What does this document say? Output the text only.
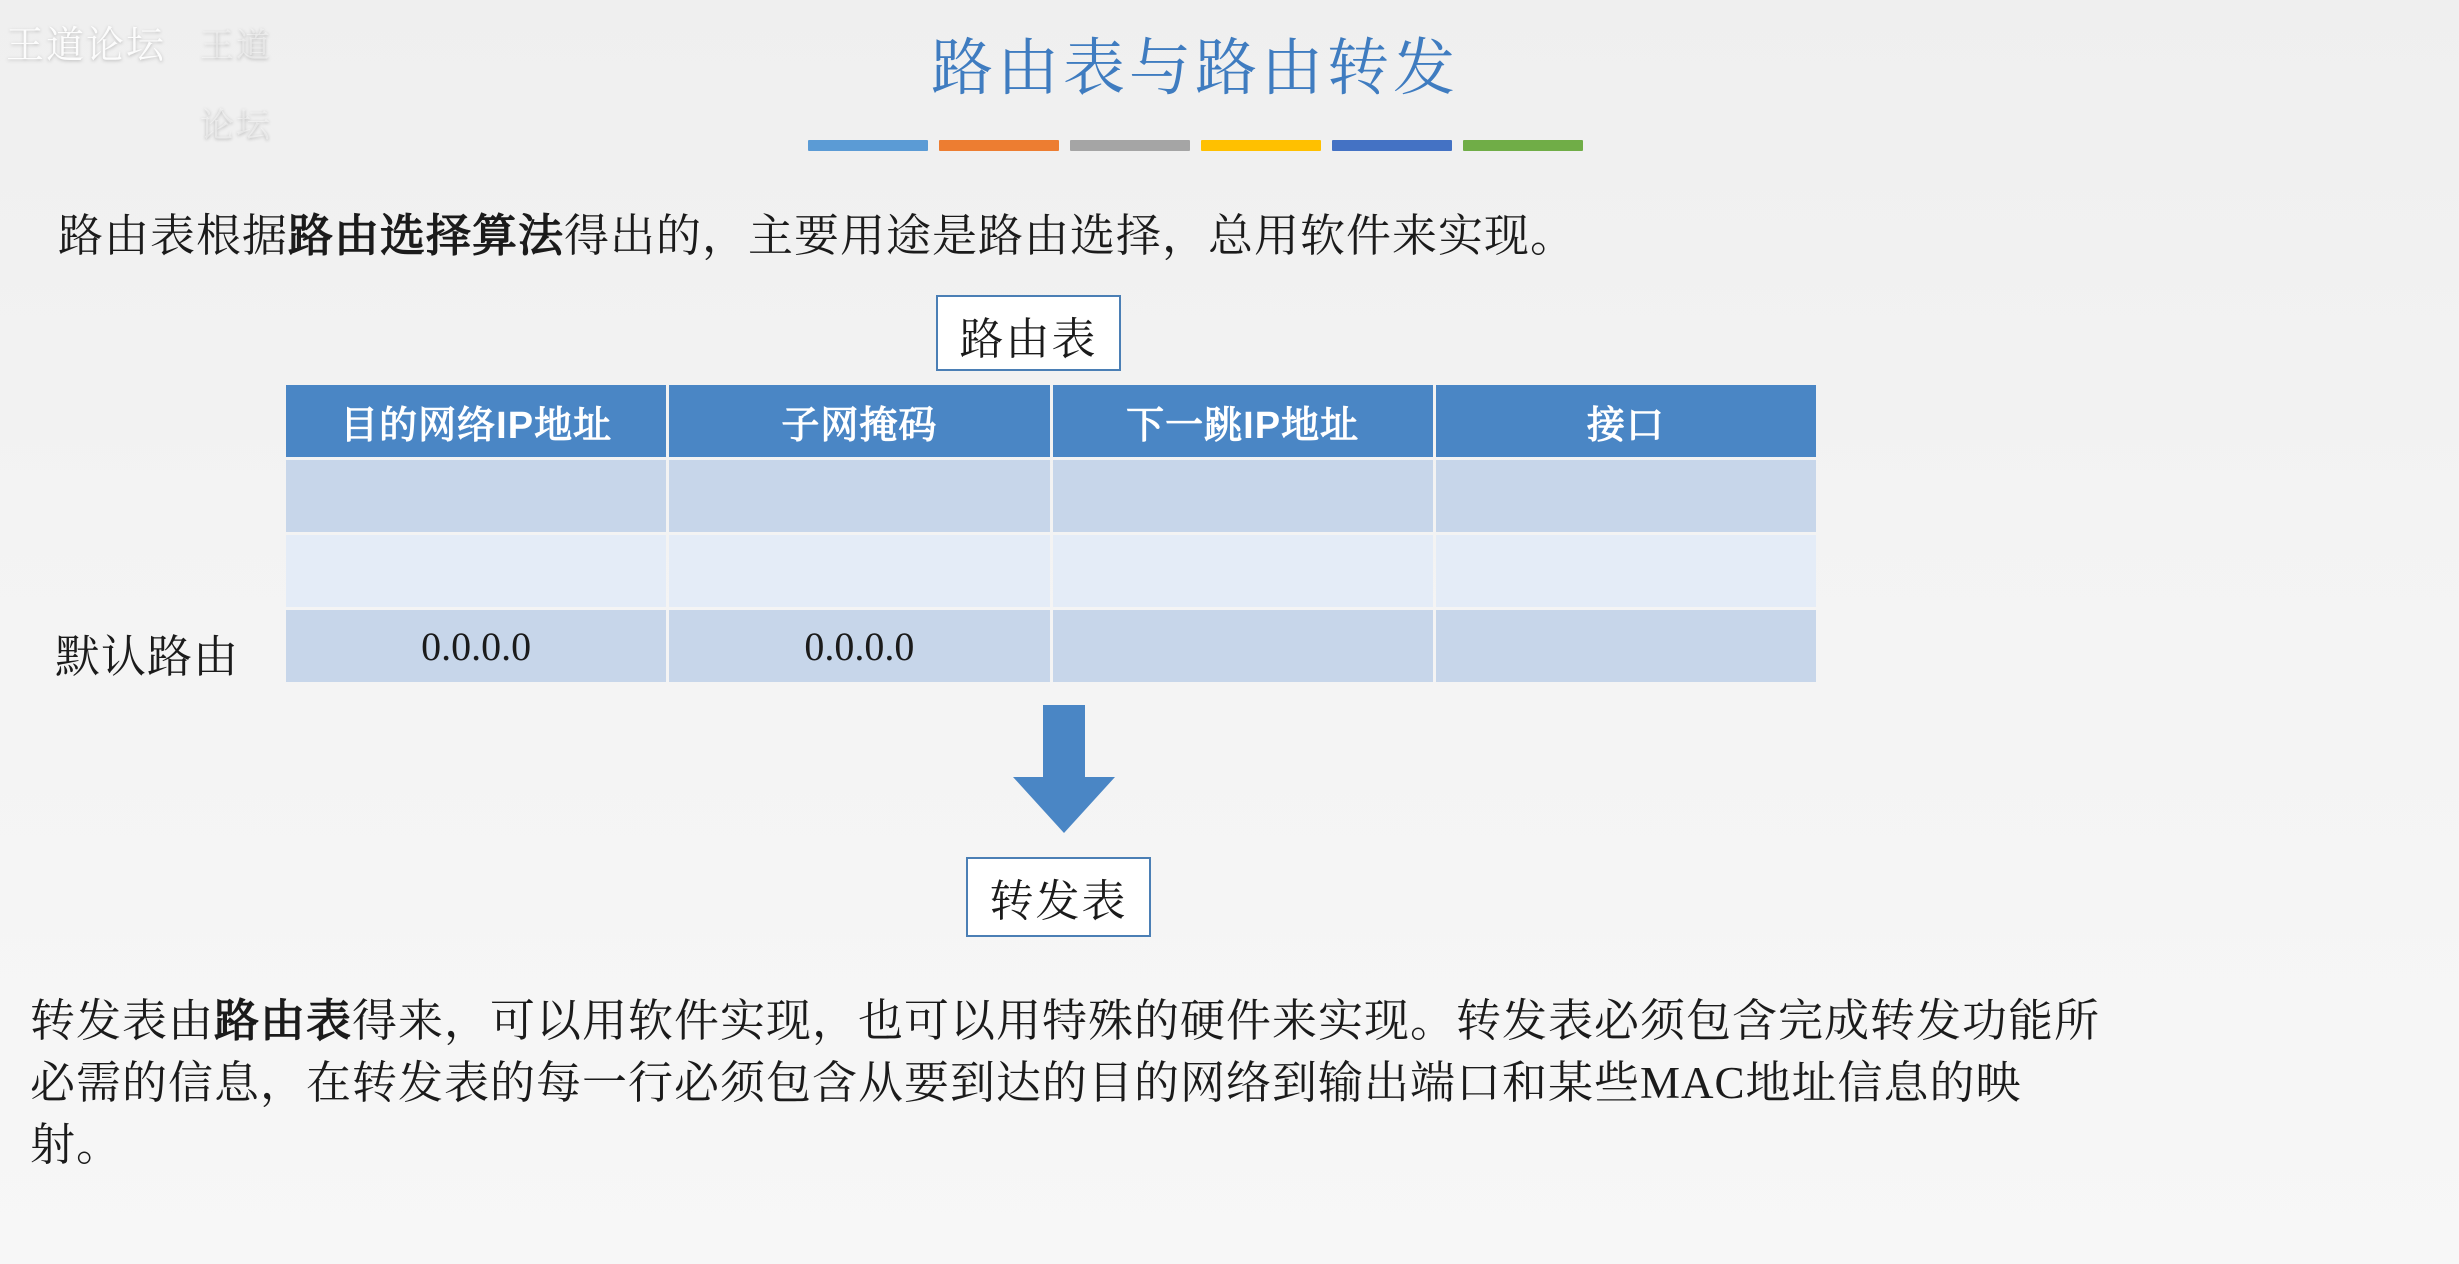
王道论坛 王道论坛
路由表与路由转发
路由表根据路由选择算法得出的，主要用途是路由选择，总用软件来实现。
路由表
默认路由
目的网络IP地址	子网掩码	下一跳IP地址	接口

0.0.0.0	0.0.0.0		
转发表
转发表由路由表得来，可以用软件实现，也可以用特殊的硬件来实现。转发表必须包含完成转发功能所必需的信息，在转发表的每一行必须包含从要到达的目的网络到输出端口和某些MAC地址信息的映射。
